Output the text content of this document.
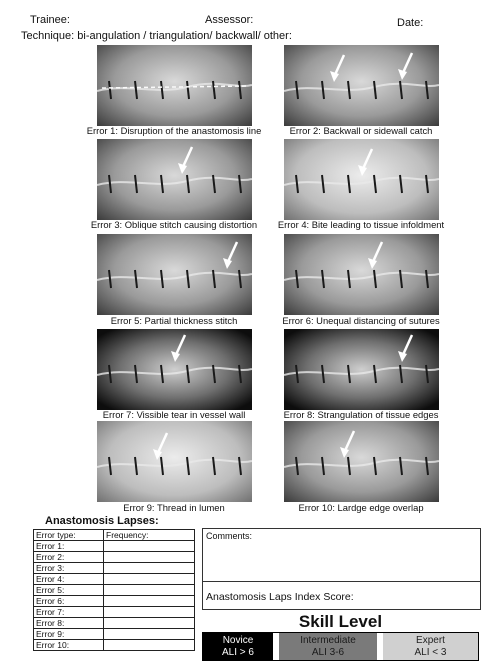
Trainee:	Assessor:	Date:
Technique: bi-angulation / triangulation/ backwall/ other:
Error 1: Disruption of the anastomosis line	Error 2: Backwall or sidewall catch
Error 3: Oblique stitch causing distortion	Error 4: Bite leading to tissue infoldment
Error 5: Partial thickness stitch	Error 6: Unequal distancing of sutures
Error 7: Vissible tear in vessel wall	Error 8: Strangulation of tissue edges
Error 9: Thread in lumen	Error 10: Lardge edge overlap
Anastomosis Lapses:
Error type:	Frequency:
Error 1:	
Error 2:	
Error 3:	
Error 4:	
Error 5:	
Error 6:	
Error 7:	
Error 8:	
Error 9:	
Error 10:	
Comments:
Anastomosis Laps Index Score:
Skill Level
Novice
ALI > 6
Intermediate
ALI 3-6
Expert
ALI < 3
